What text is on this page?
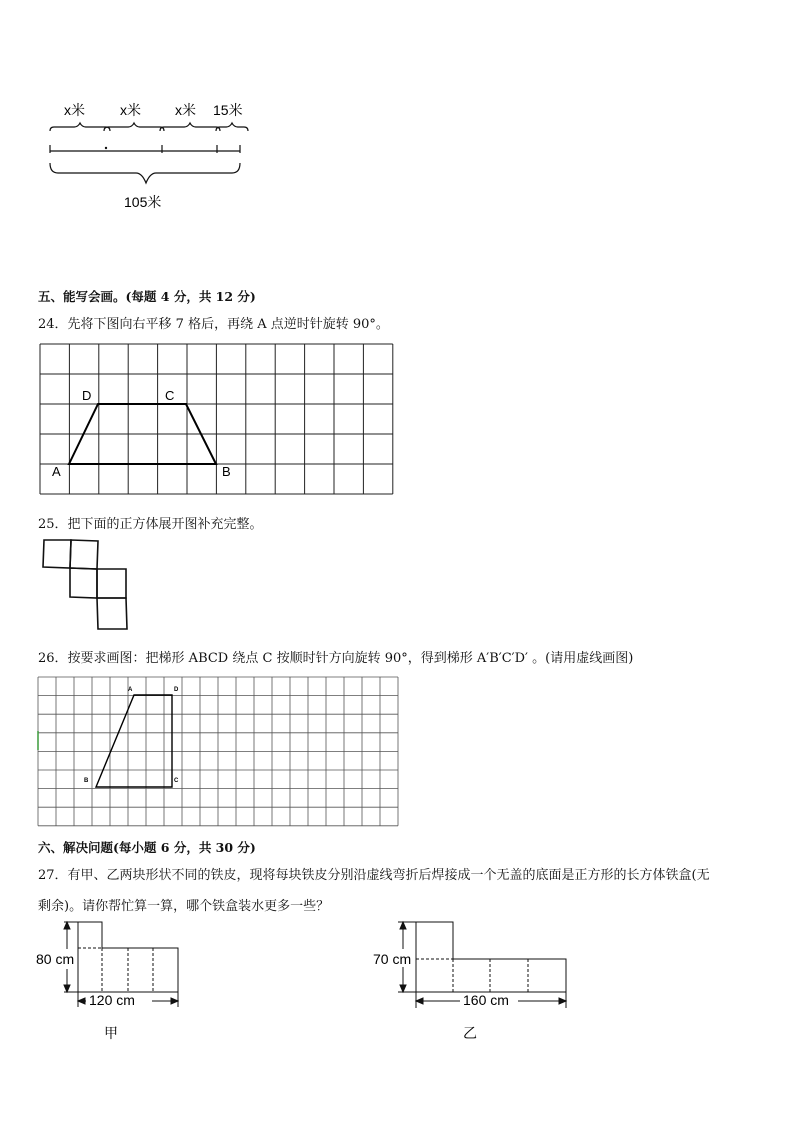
x米	x米 x米 15米
105米
五、能写会画。(每题 4 分，共 12 分)
24．先将下图向右平移 7 格后，再绕 A 点逆时针旋转 90°。
A	B
C
D
25．把下面的正方体展开图补充完整。
26．按要求画图：把梯形 ABCD 绕点 C 按顺时针方向旋转 90°，得到梯形 A′B′C′D′ 。(请用虚线画图)
A	D
C
B
六、解决问题(每小题 6 分，共 30 分)
27．有甲、乙两块形状不同的铁皮，现将每块铁皮分别沿虚线弯折后焊接成一个无盖的底面是正方形的长方体铁盒(无
剩余)。请你帮忙算一算，哪个铁盒装水更多一些？
80 cm
120 cm
甲
70 cm
160 cm
乙
